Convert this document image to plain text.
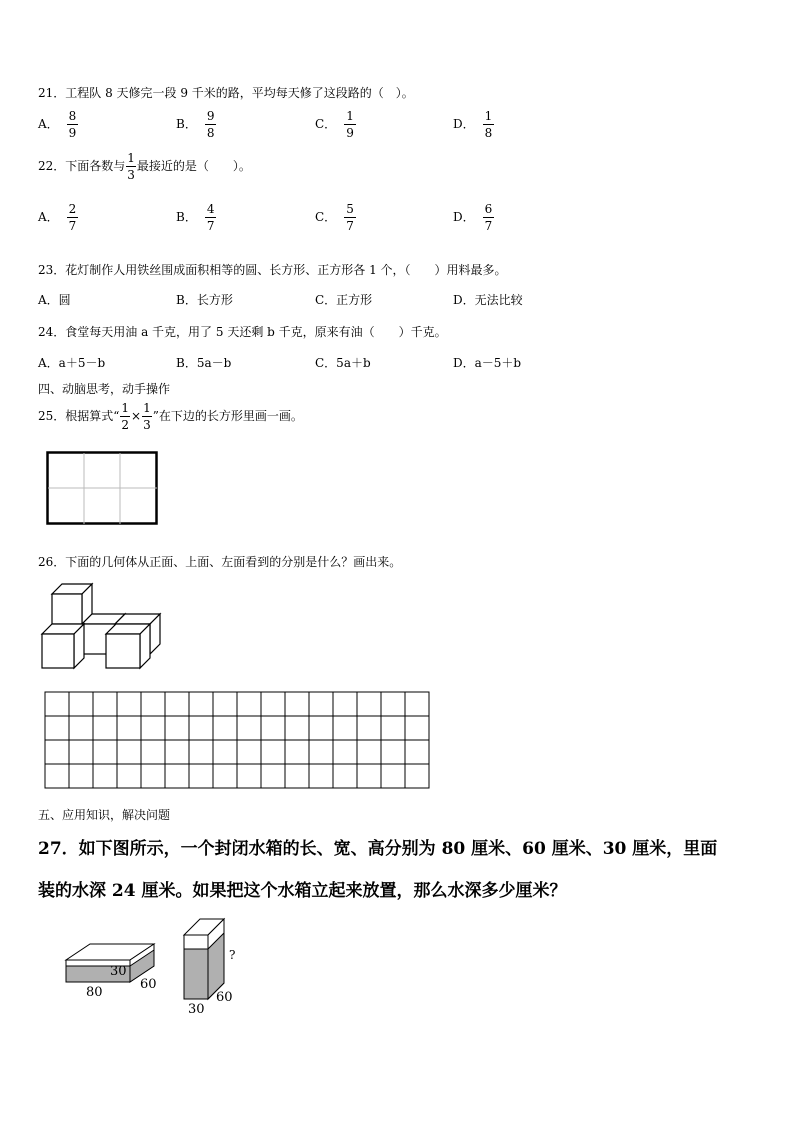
21．工程队 8 天修完一段 9 千米的路，平均每天修了这段路的（　）。
A． $\frac{8}{9}$	B． $\frac{9}{8}$	C． $\frac{1}{9}$	D． $\frac{1}{8}$
22．下面各数与 $\frac{1}{3}$ 最接近的是（　　）。
A． $\frac{2}{7}$	B． $\frac{4}{7}$	C． $\frac{5}{7}$	D． $\frac{6}{7}$
23．花灯制作人用铁丝围成面积相等的圆、长方形、正方形各 1 个，（　　）用料最多。
A．圆	B．长方形	C．正方形	D．无法比较
24．食堂每天用油 a 千克，用了 5 天还剩 b 千克，原来有油（　　）千克。
A．a＋5－b	B．5a－b	C．5a＋b	D．a－5＋b
四、动脑思考，动手操作
25．根据算式“ $\frac{1}{2} \times \frac{1}{3}$ ”在下边的长方形里画一画。
26．下面的几何体从正面、上面、左面看到的分别是什么？画出来。
五、应用知识，解决问题
27．如下图所示，一个封闭水箱的长、宽、高分别为 80 厘米、60 厘米、30 厘米，里面
装的水深 24 厘米。如果把这个水箱立起来放置，那么水深多少厘米？
30
80
60
?
60
30
